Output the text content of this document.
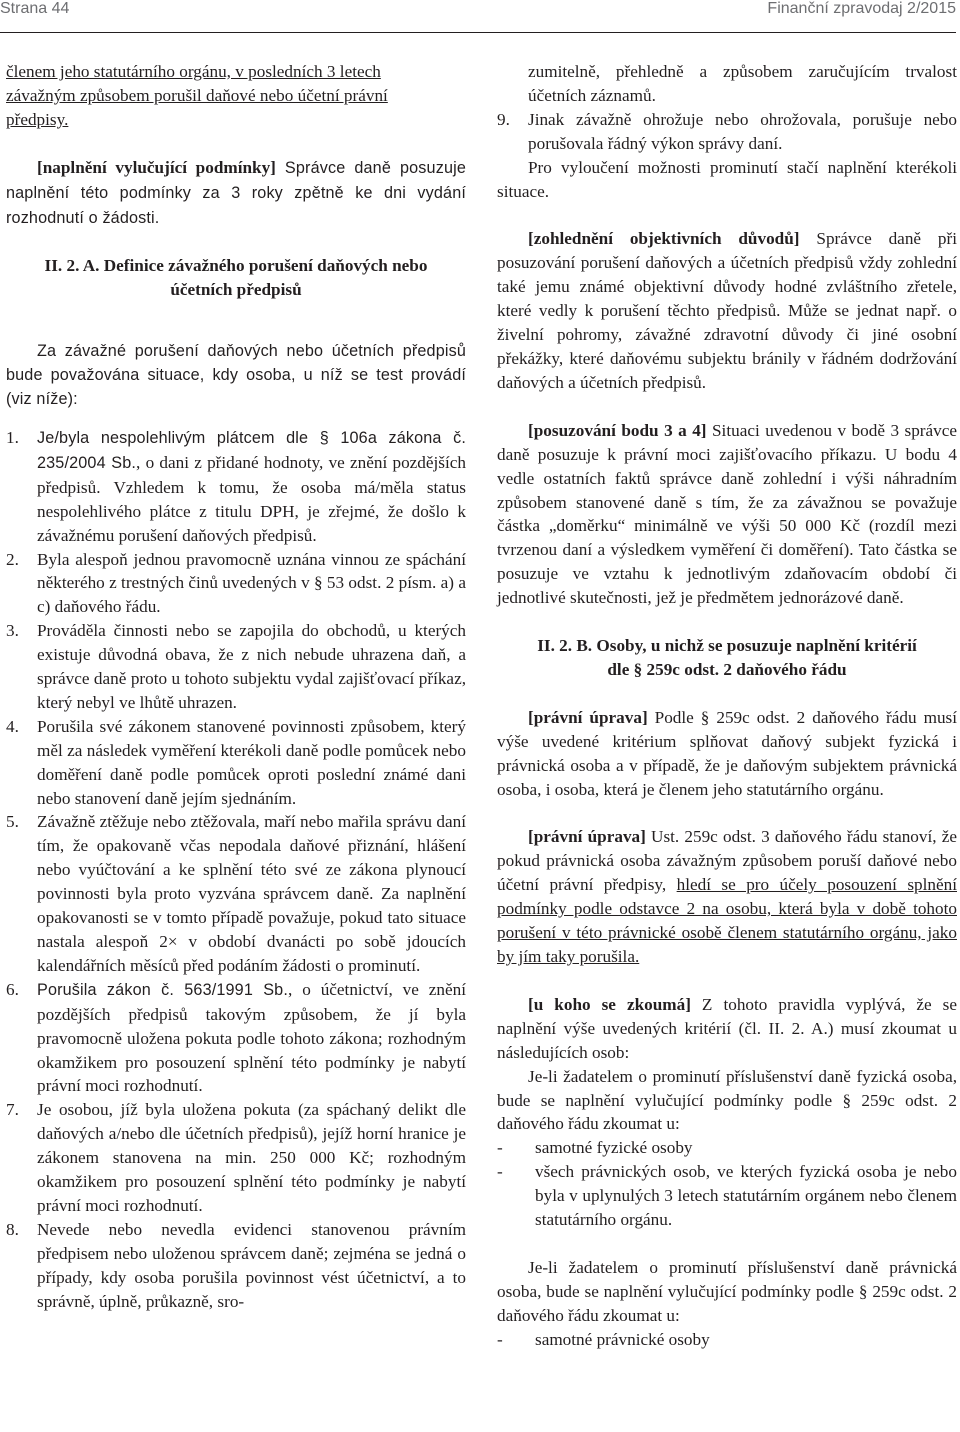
Strana 44	Finanční zpravodaj 2/2015

členem jeho statutárního orgánu, v posledních 3 letech
závažným způsobem porušil daňové nebo účetní právní
předpisy.

[naplnění vylučující podmínky] Správce daně posuzuje naplnění této podmínky za 3 roky zpětně ke dni vydání rozhodnutí o žádosti.

II. 2. A. Definice závažného porušení daňových nebo
účetních předpisů

Za závažné porušení daňových nebo účetních předpisů bude považována situace, kdy osoba, u níž se test provádí (viz níže):

1. Je/byla nespolehlivým plátcem dle § 106a zákona č. 235/2004 Sb., o dani z přidané hodnoty, ve znění pozdějších předpisů. Vzhledem k tomu, že osoba má/měla status nespolehlivého plátce z titulu DPH, je zřejmé, že došlo k závažnému porušení daňových předpisů.
2. Byla alespoň jednou pravomocně uznána vinnou ze spáchání některého z trestných činů uvedených v § 53 odst. 2 písm. a) a c) daňového řádu.
3. Prováděla činnosti nebo se zapojila do obchodů, u kterých existuje důvodná obava, že z nich nebude uhrazena daň, a správce daně proto u tohoto subjektu vydal zajišťovací příkaz, který nebyl ve lhůtě uhrazen.
4. Porušila své zákonem stanovené povinnosti způsobem, který měl za následek vyměření kterékoli daně podle pomůcek nebo doměření daně podle pomůcek oproti poslední známé dani nebo stanovení daně jejím sjednáním.
5. Závažně ztěžuje nebo ztěžovala, maří nebo mařila správu daní tím, že opakovaně včas nepodala daňové přiznání, hlášení nebo vyúčtování a ke splnění této své ze zákona plynoucí povinnosti byla proto vyzvána správcem daně. Za naplnění opakovanosti se v tomto případě považuje, pokud tato situace nastala alespoň 2× v období dvanácti po sobě jdoucích kalendářních měsíců před podáním žádosti o prominutí.
6. Porušila zákon č. 563/1991 Sb., o účetnictví, ve znění pozdějších předpisů takovým způsobem, že jí byla pravomocně uložena pokuta podle tohoto zákona; rozhodným okamžikem pro posouzení splnění této podmínky je nabytí právní moci rozhodnutí.
7. Je osobou, jíž byla uložena pokuta (za spáchaný delikt dle daňových a/nebo dle účetních předpisů), jejíž horní hranice je zákonem stanovena na min. 250 000 Kč; rozhodným okamžikem pro posouzení splnění této podmínky je nabytí právní moci rozhodnutí.
8. Nevede nebo nevedla evidenci stanovenou právním předpisem nebo uloženou správcem daně; zejména se jedná o případy, kdy osoba porušila povinnost vést účetnictví, a to správně, úplně, průkazně, sro-

zumitelně, přehledně a způsobem zaručujícím trvalost účetních záznamů.

9. Jinak závažně ohrožuje nebo ohrožovala, porušuje nebo porušovala řádný výkon správy daní.

Pro vyloučení možnosti prominutí stačí naplnění kterékoli situace.

[zohlednění objektivních důvodů] Správce daně při posuzování porušení daňových a účetních předpisů vždy zohlední také jemu známé objektivní důvody hodné zvláštního zřetele, které vedly k porušení těchto předpisů. Může se jednat např. o živelní pohromy, závažné zdravotní důvody či jiné osobní překážky, které daňovému subjektu bránily v řádném dodržování daňových a účetních předpisů.

[posuzování bodu 3 a 4] Situaci uvedenou v bodě 3 správce daně posuzuje k právní moci zajišťovacího příkazu. U bodu 4 vedle ostatních faktů správce daně zohlední i výši náhradním způsobem stanovené daně s tím, že za závažnou se považuje částka „doměrku“ minimálně ve výši 50 000 Kč (rozdíl mezi tvrzenou daní a výsledkem vyměření či doměření). Tato částka se posuzuje ve vztahu k jednotlivým zdaňovacím období či jednotlivé skutečnosti, jež je předmětem jednorázové daně.

II. 2. B. Osoby, u nichž se posuzuje naplnění kritérií
dle § 259c odst. 2 daňového řádu

[právní úprava] Podle § 259c odst. 2 daňového řádu musí výše uvedené kritérium splňovat daňový subjekt fyzická i právnická osoba a v případě, že je daňovým subjektem právnická osoba, i osoba, která je členem jeho statutárního orgánu.

[právní úprava] Ust. 259c odst. 3 daňového řádu stanoví, že pokud právnická osoba závažným způsobem poruší daňové nebo účetní právní předpisy, hledí se pro účely posouzení splnění podmínky podle odstavce 2 na osobu, která byla v době tohoto porušení v této právnické osobě členem statutárního orgánu, jako by jím taky porušila.

[u koho se zkoumá] Z tohoto pravidla vyplývá, že se naplnění výše uvedených kritérií (čl. II. 2. A.) musí zkoumat u následujících osob:

Je-li žadatelem o prominutí příslušenství daně fyzická osoba, bude se naplnění vylučující podmínky podle § 259c odst. 2 daňového řádu zkoumat u:

- samotné fyzické osoby
- všech právnických osob, ve kterých fyzická osoba je nebo byla v uplynulých 3 letech statutárním orgánem nebo členem statutárního orgánu.

Je-li žadatelem o prominutí příslušenství daně právnická osoba, bude se naplnění vylučující podmínky podle § 259c odst. 2 daňového řádu zkoumat u:

- samotné právnické osoby
